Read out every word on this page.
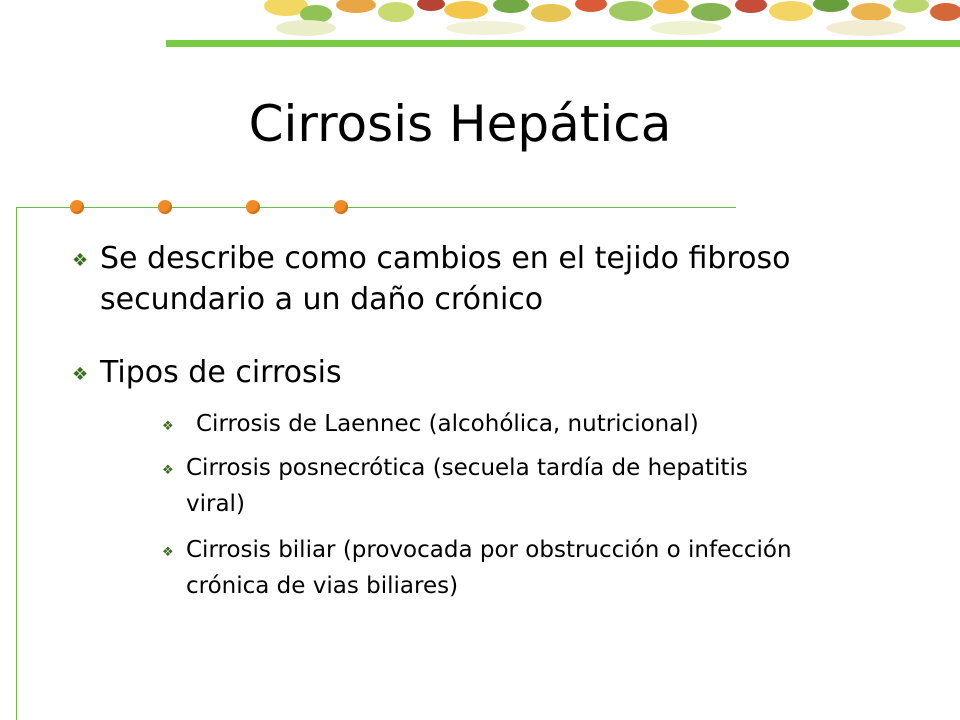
Cirrosis Hepática
❖ Se describe como cambios en el tejido fibroso secundario a un daño crónico
❖ Tipos de cirrosis
❖ Cirrosis de Laennec (alcohólica, nutricional)
❖ Cirrosis posnecrótica (secuela tardía de hepatitis viral)
❖ Cirrosis biliar (provocada por obstrucción o infección crónica de vias biliares)
